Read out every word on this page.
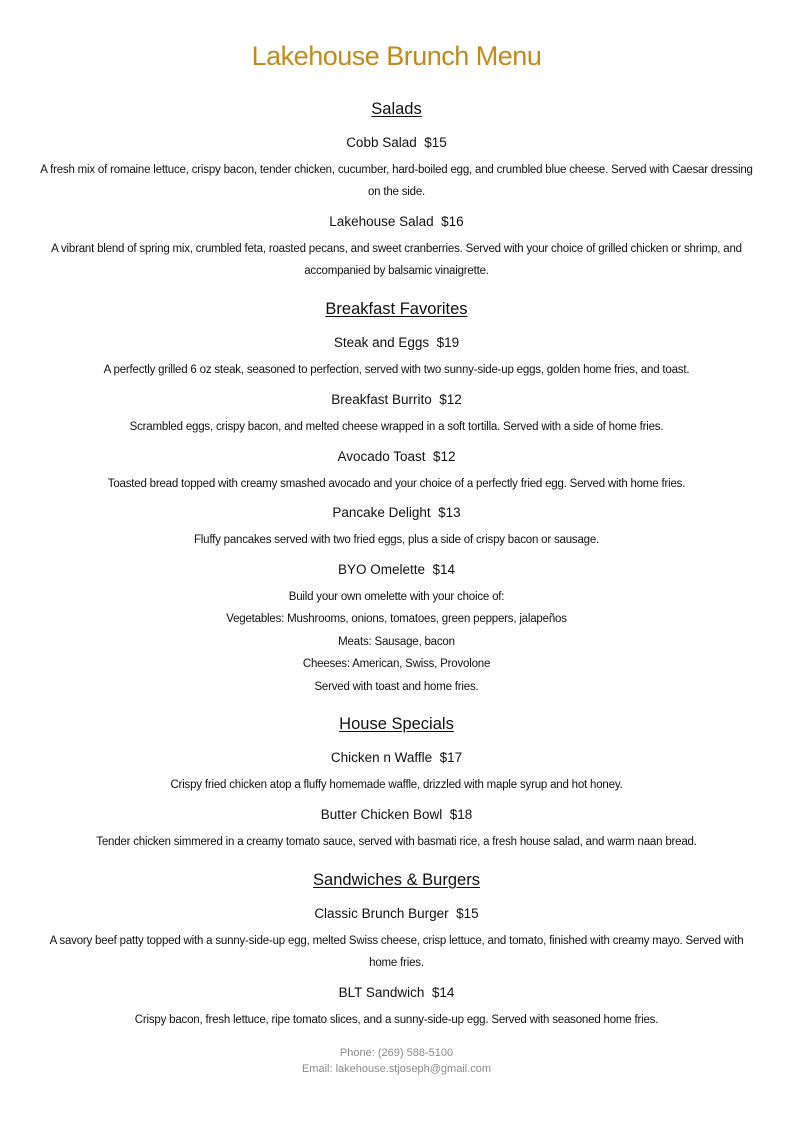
Lakehouse Brunch Menu
Salads
Cobb Salad $15

A fresh mix of romaine lettuce, crispy bacon, tender chicken, cucumber, hard-boiled egg, and crumbled blue cheese. Served with Caesar dressing on the side.

Lakehouse Salad $16

A vibrant blend of spring mix, crumbled feta, roasted pecans, and sweet cranberries. Served with your choice of grilled chicken or shrimp, and accompanied by balsamic vinaigrette.

Breakfast Favorites
Steak and Eggs $19

A perfectly grilled 6 oz steak, seasoned to perfection, served with two sunny-side-up eggs, golden home fries, and toast.

Breakfast Burrito $12

Scrambled eggs, crispy bacon, and melted cheese wrapped in a soft tortilla. Served with a side of home fries.

Avocado Toast $12

Toasted bread topped with creamy smashed avocado and your choice of a perfectly fried egg. Served with home fries.

Pancake Delight $13

Fluffy pancakes served with two fried eggs, plus a side of crispy bacon or sausage.

BYO Omelette $14

Build your own omelette with your choice of:

Vegetables: Mushrooms, onions, tomatoes, green peppers, jalapeños

Meats: Sausage, bacon

Cheeses: American, Swiss, Provolone

Served with toast and home fries.

House Specials
Chicken n Waffle $17

Crispy fried chicken atop a fluffy homemade waffle, drizzled with maple syrup and hot honey.

Butter Chicken Bowl $18

Tender chicken simmered in a creamy tomato sauce, served with basmati rice, a fresh house salad, and warm naan bread.

Sandwiches & Burgers
Classic Brunch Burger $15

A savory beef patty topped with a sunny-side-up egg, melted Swiss cheese, crisp lettuce, and tomato, finished with creamy mayo. Served with home fries.

BLT Sandwich $14

Crispy bacon, fresh lettuce, ripe tomato slices, and a sunny-side-up egg. Served with seasoned home fries.

Phone: (269) 588-5100

Email: lakehouse.stjoseph@gmail.com
